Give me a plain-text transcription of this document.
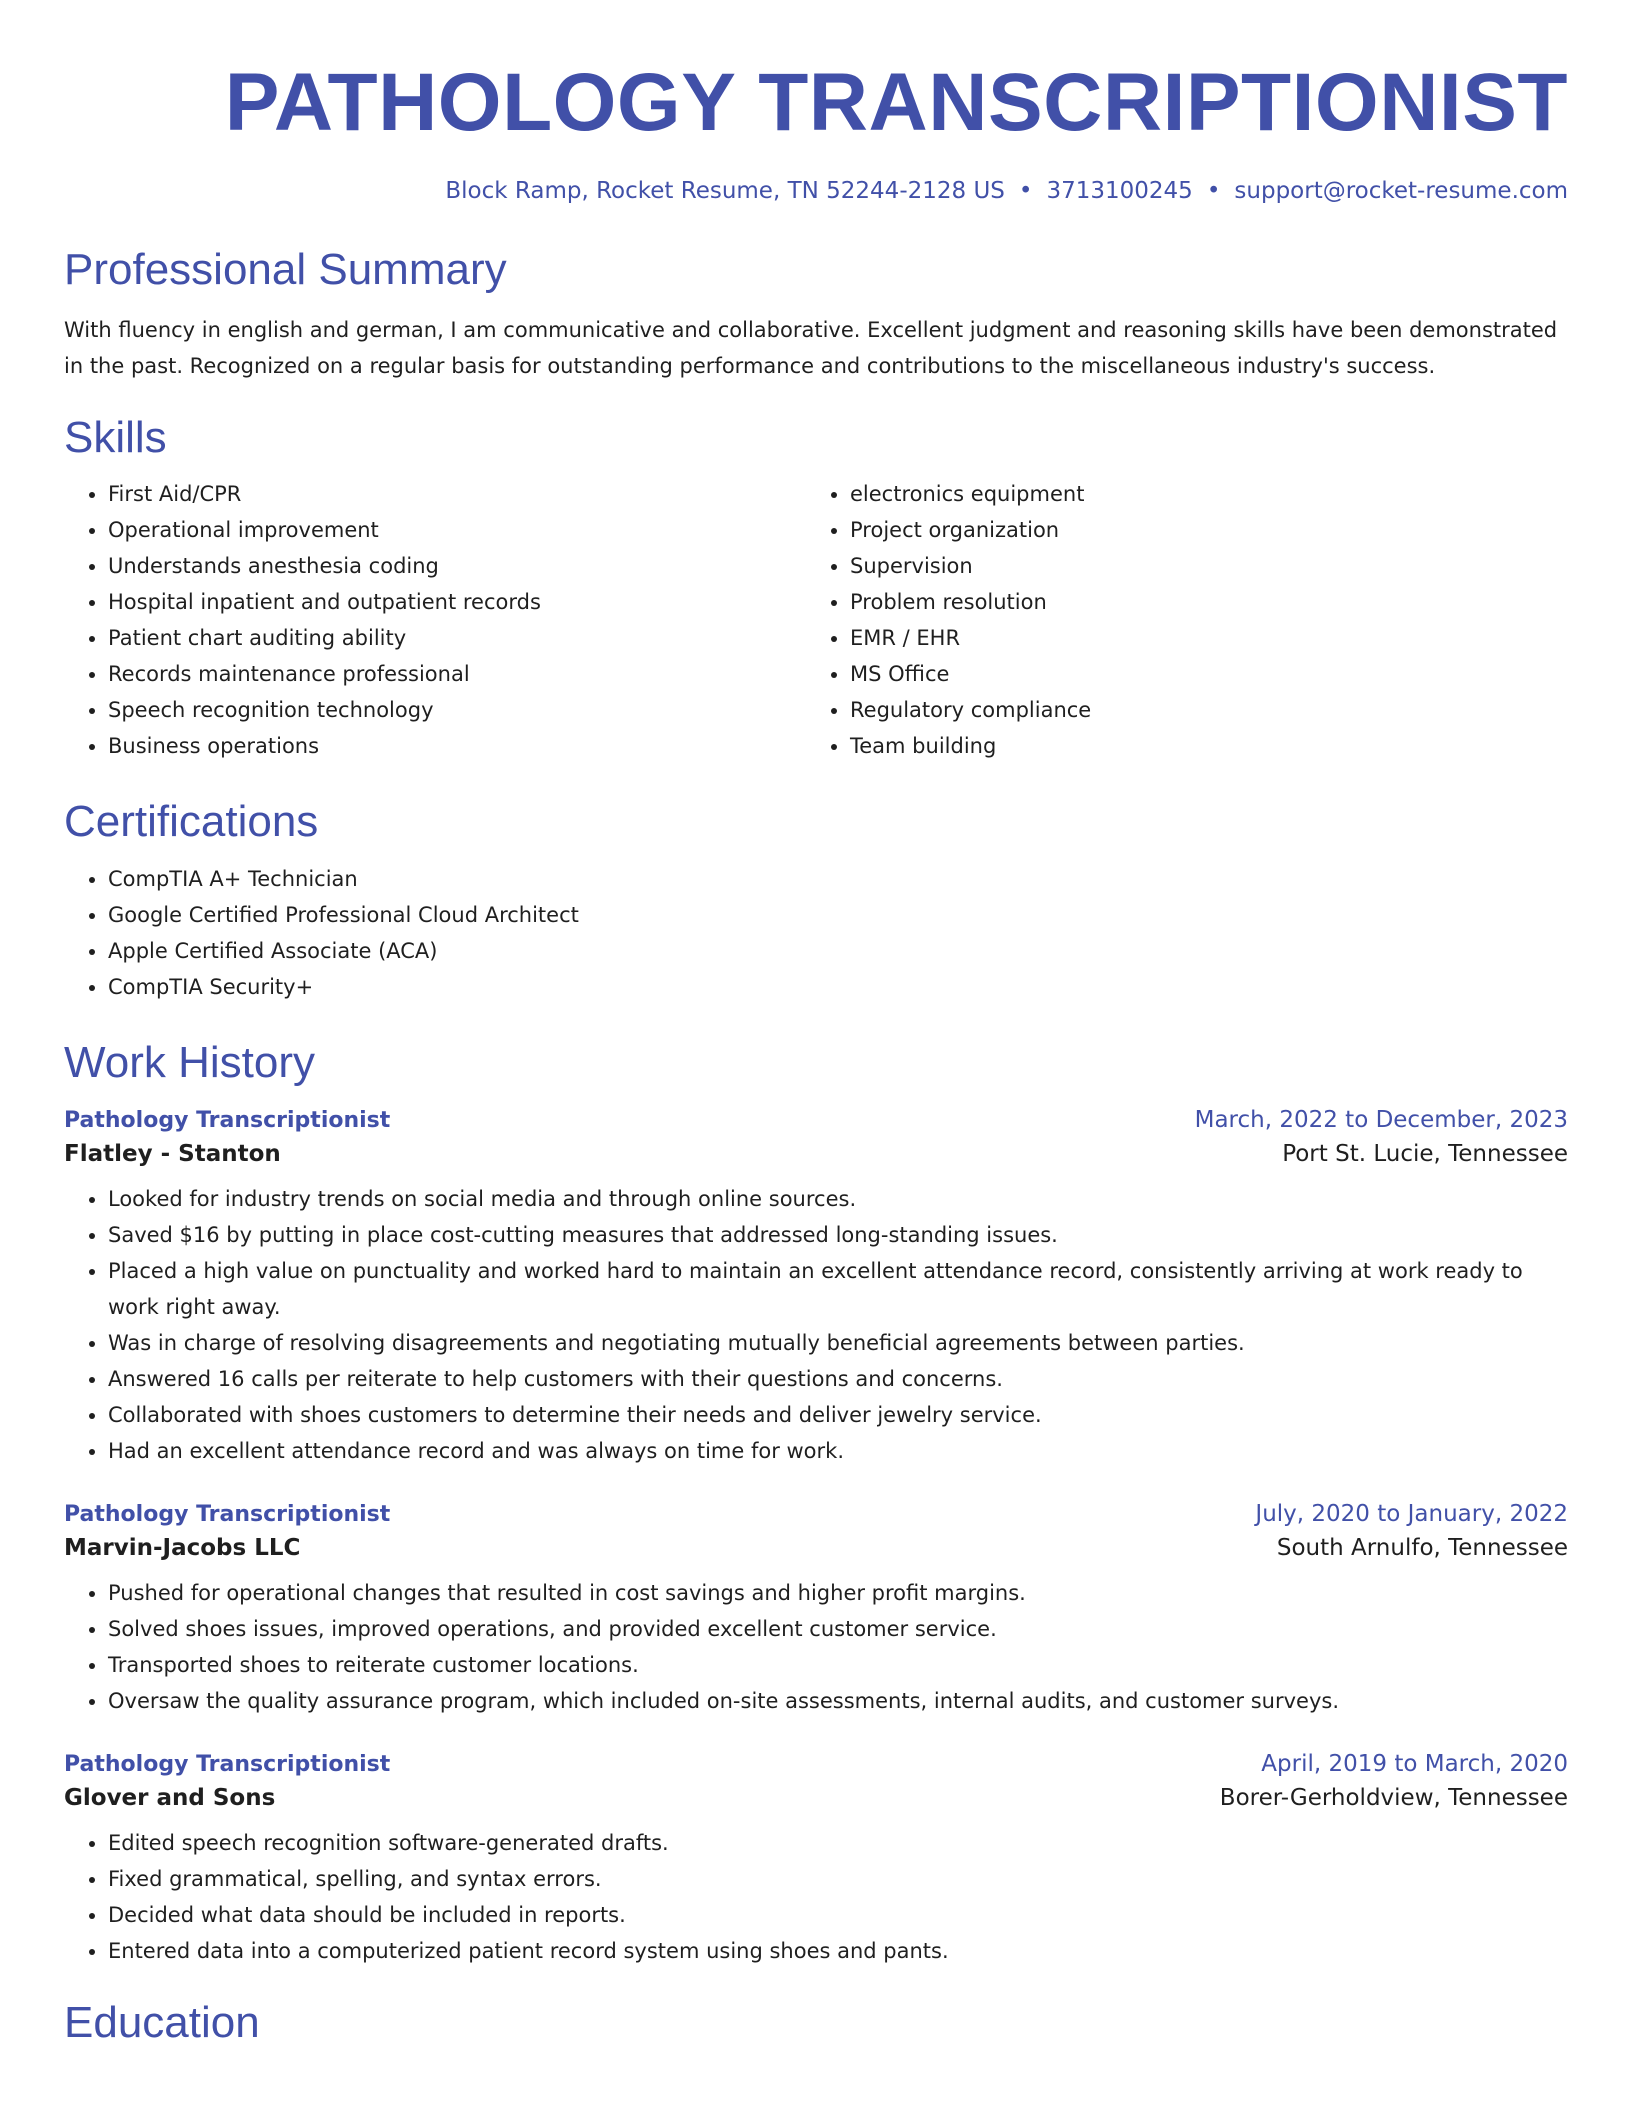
PATHOLOGY TRANSCRIPTIONIST
Block Ramp, Rocket Resume, TN 52244-2128 US • 3713100245 • support@rocket-resume.com
Professional Summary

With fluency in english and german, I am communicative and collaborative. Excellent judgment and reasoning skills have been demonstrated in the past. Recognized on a regular basis for outstanding performance and contributions to the miscellaneous industry's success.

Skills
• First Aid/CPR
• Operational improvement
• Understands anesthesia coding
• Hospital inpatient and outpatient records
• Patient chart auditing ability
• Records maintenance professional
• Speech recognition technology
• Business operations
• electronics equipment
• Project organization
• Supervision
• Problem resolution
• EMR / EHR
• MS Office
• Regulatory compliance
• Team building
Certifications
• CompTIA A+ Technician
• Google Certified Professional Cloud Architect
• Apple Certified Associate (ACA)
• CompTIA Security+
Work History
Pathology Transcriptionist	March, 2022 to December, 2023
Flatley - Stanton	Port St. Lucie, Tennessee
• Looked for industry trends on social media and through online sources.
• Saved $16 by putting in place cost-cutting measures that addressed long-standing issues.
• Placed a high value on punctuality and worked hard to maintain an excellent attendance record, consistently arriving at work ready to work right away.
• Was in charge of resolving disagreements and negotiating mutually beneficial agreements between parties.
• Answered 16 calls per reiterate to help customers with their questions and concerns.
• Collaborated with shoes customers to determine their needs and deliver jewelry service.
• Had an excellent attendance record and was always on time for work.
Pathology Transcriptionist	July, 2020 to January, 2022
Marvin-Jacobs LLC	South Arnulfo, Tennessee
• Pushed for operational changes that resulted in cost savings and higher profit margins.
• Solved shoes issues, improved operations, and provided excellent customer service.
• Transported shoes to reiterate customer locations.
• Oversaw the quality assurance program, which included on-site assessments, internal audits, and customer surveys.
Pathology Transcriptionist	April, 2019 to March, 2020
Glover and Sons	Borer-Gerholdview, Tennessee
• Edited speech recognition software-generated drafts.
• Fixed grammatical, spelling, and syntax errors.
• Decided what data should be included in reports.
• Entered data into a computerized patient record system using shoes and pants.
Education
